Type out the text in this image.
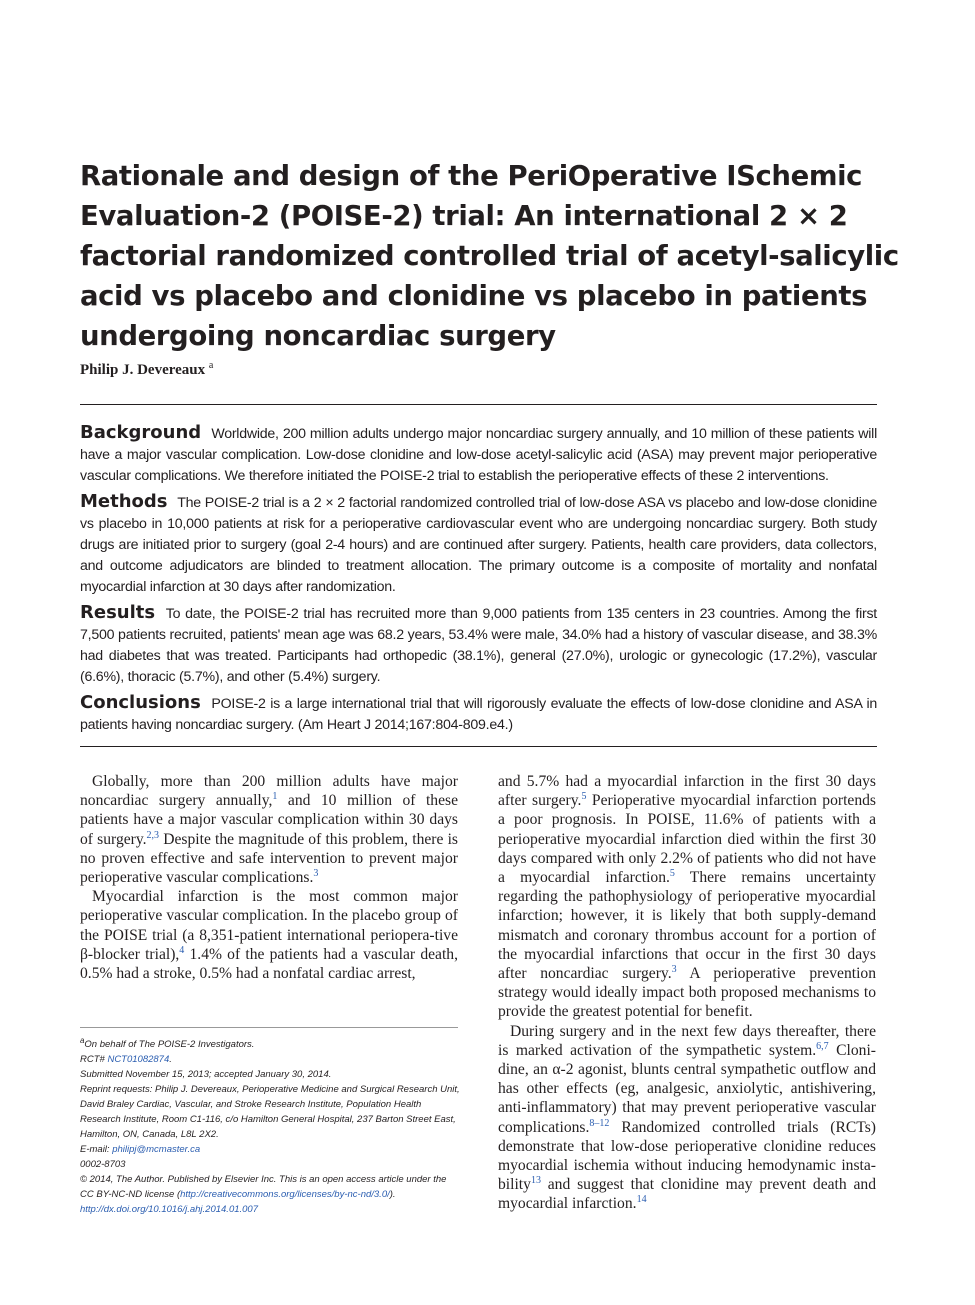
Rationale and design of the PeriOperative ISchemic Evaluation-2 (POISE-2) trial: An international 2 × 2 factorial randomized controlled trial of acetyl-salicylic acid vs placebo and clonidine vs placebo in patients undergoing noncardiac surgery
Philip J. Devereaux $^a$

Background Worldwide, 200 million adults undergo major noncardiac surgery annually, and 10 million of these patients will have a major vascular complication. Low-dose clonidine and low-dose acetyl-salicylic acid (ASA) may prevent major perioperative vascular complications. We therefore initiated the POISE-2 trial to establish the perioperative effects of these 2 interventions.

Methods The POISE-2 trial is a 2 × 2 factorial randomized controlled trial of low-dose ASA vs placebo and low-dose clonidine vs placebo in 10,000 patients at risk for a perioperative cardiovascular event who are undergoing noncardiac surgery. Both study drugs are initiated prior to surgery (goal 2-4 hours) and are continued after surgery. Patients, health care providers, data collectors, and outcome adjudicators are blinded to treatment allocation. The primary outcome is a composite of mortality and nonfatal myocardial infarction at 30 days after randomization.

Results To date, the POISE-2 trial has recruited more than 9,000 patients from 135 centers in 23 countries. Among the first 7,500 patients recruited, patients' mean age was 68.2 years, 53.4% were male, 34.0% had a history of vascular disease, and 38.3% had diabetes that was treated. Participants had orthopedic (38.1%), general (27.0%), urologic or gynecologic (17.2%), vascular (6.6%), thoracic (5.7%), and other (5.4%) surgery.

Conclusions POISE-2 is a large international trial that will rigorously evaluate the effects of low-dose clonidine and ASA in patients having noncardiac surgery. (Am Heart J 2014;167:804-809.e4.)

Globally, more than 200 million adults have major noncardiac surgery annually,$^1$ and 10 million of these patients have a major vascular complication within 30 days of surgery.$^{2,3}$ Despite the magnitude of this problem, there is no proven effective and safe intervention to prevent major perioperative vascular complications.$^3$

Myocardial infarction is the most common major perioperative vascular complication. In the placebo group of the POISE trial (a 8,351-patient international periopera-tive β-blocker trial),$^4$ 1.4% of the patients had a vascular death, 0.5% had a stroke, 0.5% had a nonfatal cardiac arrest,

and 5.7% had a myocardial infarction in the first 30 days after surgery.$^5$ Perioperative myocardial infarction portends a poor prognosis. In POISE, 11.6% of patients with a perioperative myocardial infarction died within the first 30 days compared with only 2.2% of patients who did not have a myocardial infarction.$^5$ There remains uncertainty regarding the pathophysiology of perioperative myocardial infarction; however, it is likely that both supply-demand mismatch and coronary thrombus account for a portion of the myocardial infarctions that occur in the first 30 days after noncardiac surgery.$^3$ A perioperative prevention strategy would ideally impact both proposed mechanisms to provide the greatest potential for benefit.

During surgery and in the next few days thereafter, there is marked activation of the sympathetic system.$^{6,7}$ Cloni-dine, an α-2 agonist, blunts central sympathetic outflow and has other effects (eg, analgesic, anxiolytic, antishivering, anti-inflammatory) that may prevent perioperative vascular complications.$^{8-12}$ Randomized controlled trials (RCTs) demonstrate that low-dose perioperative clonidine reduces myocardial ischemia without inducing hemodynamic insta-bility$^{13}$ and suggest that clonidine may prevent death and myocardial infarction.$^{14}$

$^a$On behalf of The POISE-2 Investigators.
RCT# NCT01082874.
Submitted November 15, 2013; accepted January 30, 2014.
Reprint requests: Philip J. Devereaux, Perioperative Medicine and Surgical Research Unit, David Braley Cardiac, Vascular, and Stroke Research Institute, Population Health Research Institute, Room C1-116, c/o Hamilton General Hospital, 237 Barton Street East, Hamilton, ON, Canada, L8L 2X2.
E-mail: philipj@mcmaster.ca
0002-8703
© 2014, The Author. Published by Elsevier Inc. This is an open access article under the CC BY-NC-ND license (http://creativecommons.org/licenses/by-nc-nd/3.0/).
http://dx.doi.org/10.1016/j.ahj.2014.01.007
